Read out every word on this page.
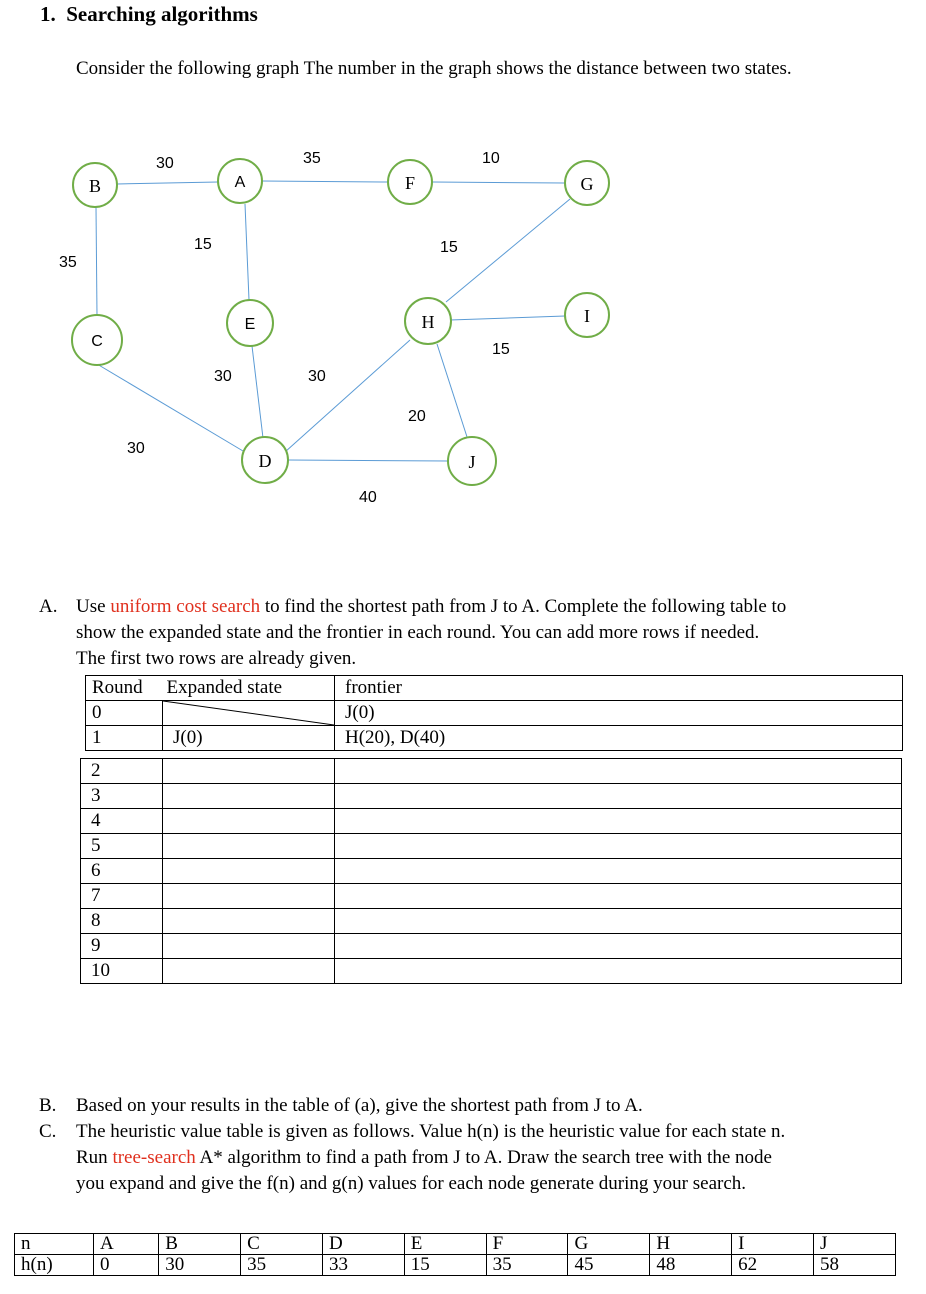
1. Searching algorithms
Consider the following graph The number in the graph shows the distance between two states.
B	A	F	G
C
E	H	I
D	J
30	35	10
35
15	15
30	30
15
20
30
40
A. Use uniform cost search to find the shortest path from J to A. Complete the following table to
show the expanded state and the frontier in each round. You can add more rows if needed.
The first two rows are already given.
Round	Expanded state	frontier
0		J(0)
1	J(0)	H(20), D(40)
2		
3		
4		
5		
6		
7		
8		
9		
10		
B. Based on your results in the table of (a), give the shortest path from J to A.
C. The heuristic value table is given as follows. Value h(n) is the heuristic value for each state n.
Run tree-search A* algorithm to find a path from J to A. Draw the search tree with the node
you expand and give the f(n) and g(n) values for each node generate during your search.
n	A	B	C	D	E	F	G	H	I	J
h(n)	0	30	35	33	15	35	45	48	62	58
